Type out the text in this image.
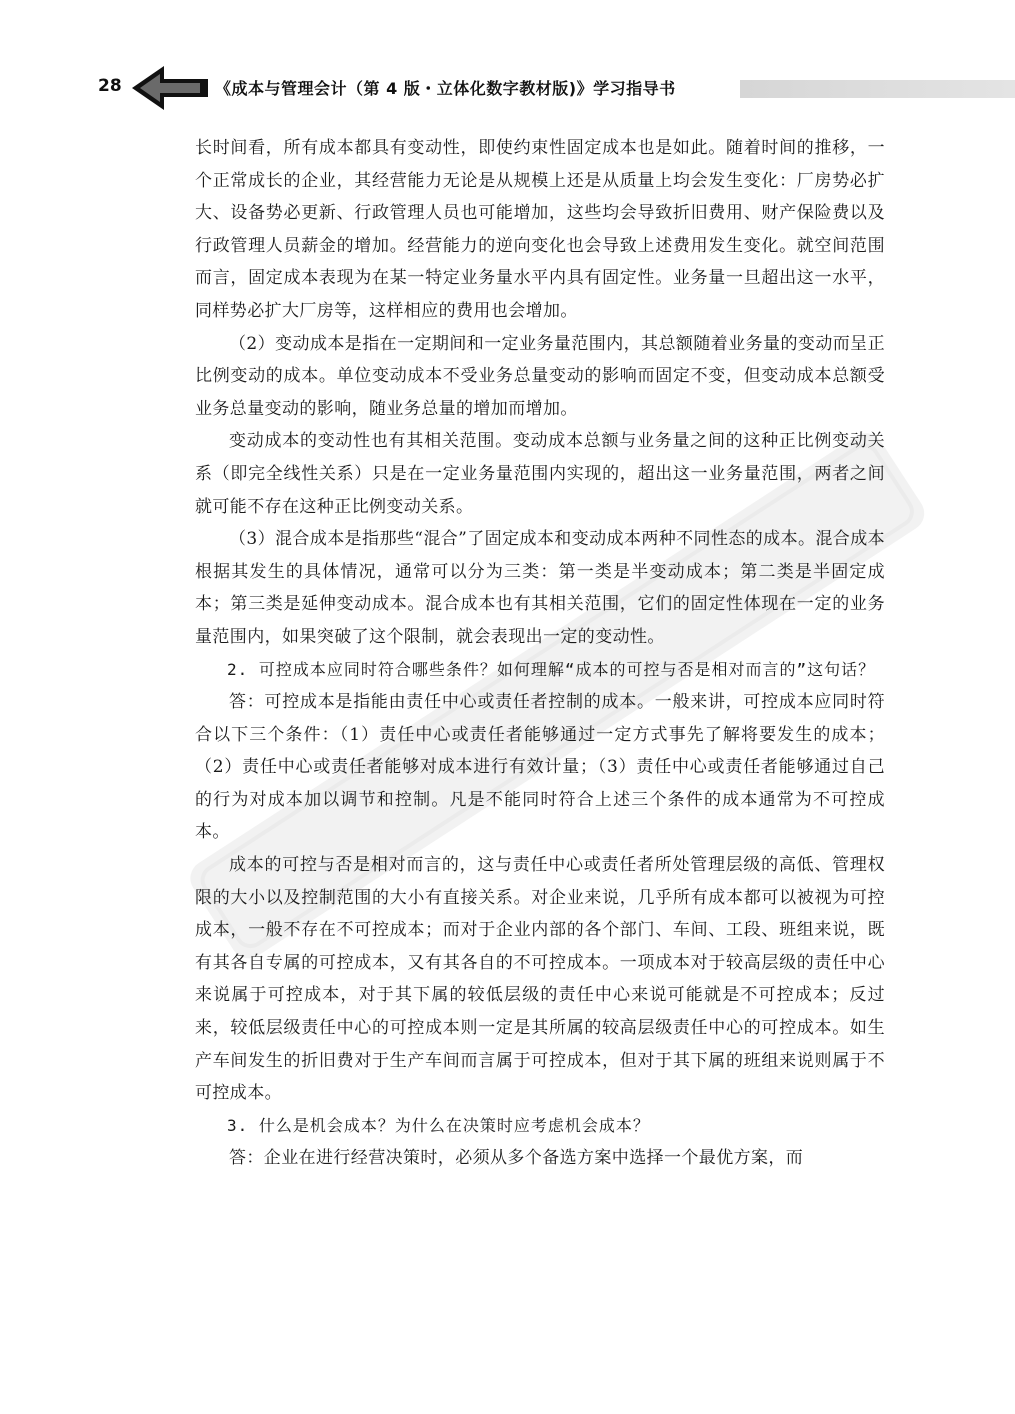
28	《成本与管理会计（第 4 版・立体化数字教材版)》学习指导书

长时间看，所有成本都具有变动性，即使约束性固定成本也是如此。随着时间的推移，一个正常成长的企业，其经营能力无论是从规模上还是从质量上均会发生变化：厂房势必扩大、设备势必更新、行政管理人员也可能增加，这些均会导致折旧费用、财产保险费以及行政管理人员薪金的增加。经营能力的逆向变化也会导致上述费用发生变化。就空间范围而言，固定成本表现为在某一特定业务量水平内具有固定性。业务量一旦超出这一水平，同样势必扩大厂房等，这样相应的费用也会增加。

（2）变动成本是指在一定期间和一定业务量范围内，其总额随着业务量的变动而呈正比例变动的成本。单位变动成本不受业务总量变动的影响而固定不变，但变动成本总额受业务总量变动的影响，随业务总量的增加而增加。

变动成本的变动性也有其相关范围。变动成本总额与业务量之间的这种正比例变动关系（即完全线性关系）只是在一定业务量范围内实现的，超出这一业务量范围，两者之间就可能不存在这种正比例变动关系。

（3）混合成本是指那些“混合”了固定成本和变动成本两种不同性态的成本。混合成本根据其发生的具体情况，通常可以分为三类：第一类是半变动成本；第二类是半固定成本；第三类是延伸变动成本。混合成本也有其相关范围，它们的固定性体现在一定的业务量范围内，如果突破了这个限制，就会表现出一定的变动性。

2. 可控成本应同时符合哪些条件？如何理解“成本的可控与否是相对而言的”这句话？

答：可控成本是指能由责任中心或责任者控制的成本。一般来讲，可控成本应同时符合以下三个条件：（1）责任中心或责任者能够通过一定方式事先了解将要发生的成本；（2）责任中心或责任者能够对成本进行有效计量；（3）责任中心或责任者能够通过自己的行为对成本加以调节和控制。凡是不能同时符合上述三个条件的成本通常为不可控成本。

成本的可控与否是相对而言的，这与责任中心或责任者所处管理层级的高低、管理权限的大小以及控制范围的大小有直接关系。对企业来说，几乎所有成本都可以被视为可控成本，一般不存在不可控成本；而对于企业内部的各个部门、车间、工段、班组来说，既有其各自专属的可控成本，又有其各自的不可控成本。一项成本对于较高层级的责任中心来说属于可控成本，对于其下属的较低层级的责任中心来说可能就是不可控成本；反过来，较低层级责任中心的可控成本则一定是其所属的较高层级责任中心的可控成本。如生产车间发生的折旧费对于生产车间而言属于可控成本，但对于其下属的班组来说则属于不可控成本。

3. 什么是机会成本？为什么在决策时应考虑机会成本？

答：企业在进行经营决策时，必须从多个备选方案中选择一个最优方案，而
